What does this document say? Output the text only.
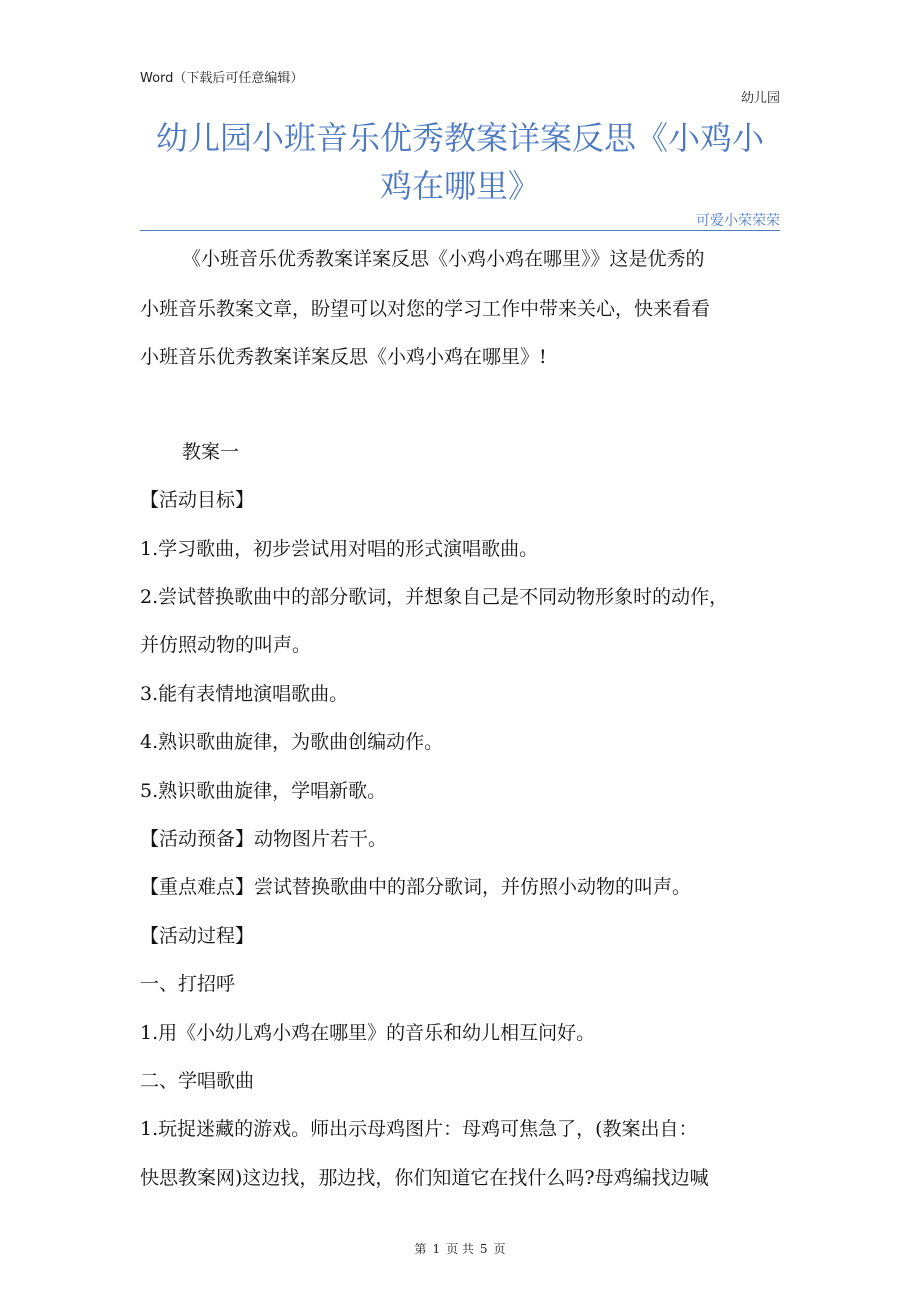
Word（下载后可任意编辑）
幼儿园
幼儿园小班音乐优秀教案详案反思《小鸡小
鸡在哪里》
可爱小荣荣荣
《小班音乐优秀教案详案反思《小鸡小鸡在哪里》》这是优秀的
小班音乐教案文章，盼望可以对您的学习工作中带来关心，快来看看
小班音乐优秀教案详案反思《小鸡小鸡在哪里》!
教案一
【活动目标】
1.学习歌曲，初步尝试用对唱的形式演唱歌曲。
2.尝试替换歌曲中的部分歌词，并想象自己是不同动物形象时的动作，
并仿照动物的叫声。
3.能有表情地演唱歌曲。
4.熟识歌曲旋律，为歌曲创编动作。
5.熟识歌曲旋律，学唱新歌。
【活动预备】动物图片若干。
【重点难点】尝试替换歌曲中的部分歌词，并仿照小动物的叫声。
【活动过程】
一、打招呼
1.用《小幼儿鸡小鸡在哪里》的音乐和幼儿相互问好。
二、学唱歌曲
1.玩捉迷藏的游戏。师出示母鸡图片：母鸡可焦急了，(教案出自：
快思教案网)这边找，那边找，你们知道它在找什么吗?母鸡编找边喊
第 1 页 共 5 页
